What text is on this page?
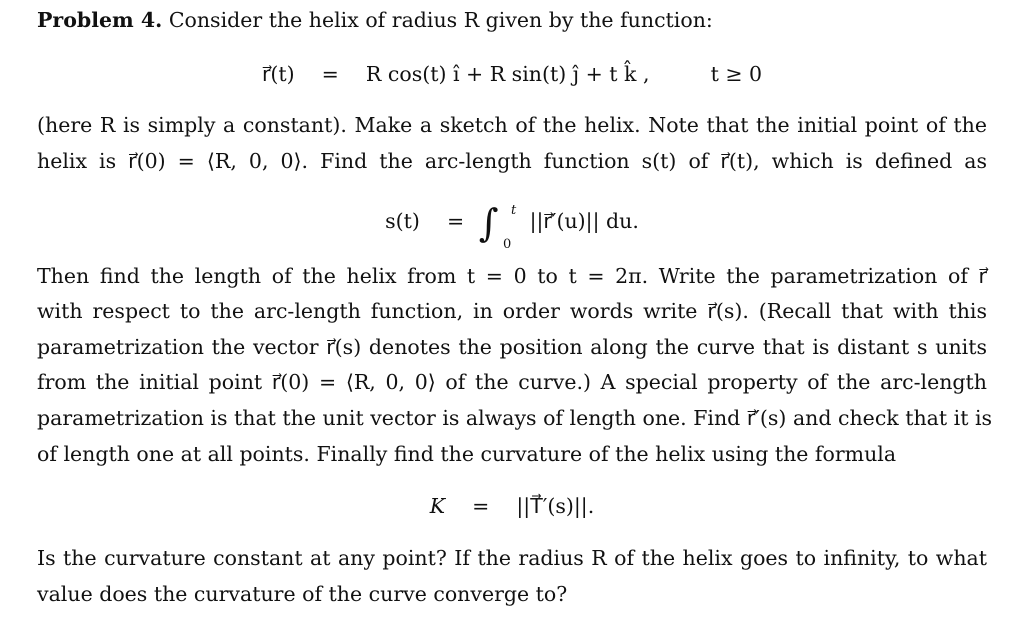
Problem 4. Consider the helix of radius R given by the function:
r⃗(t) = R cos(t) î + R sin(t) ĵ + t k̂ ,	t ≥ 0
(here R is simply a constant). Make a sketch of the helix. Note that the initial point of the
helix is r⃗(0) = ⟨R, 0, 0⟩. Find the arc-length function s(t) of r⃗(t), which is defined as
s(t) = ∫ t
0
||r⃗′(u)|| du.
Then find the length of the helix from t = 0 to t = 2π. Write the parametrization of r⃗
with respect to the arc-length function, in order words write r⃗(s). (Recall that with this
parametrization the vector r⃗(s) denotes the position along the curve that is distant s units
from the initial point r⃗(0) = ⟨R, 0, 0⟩ of the curve.) A special property of the arc-length
parametrization is that the unit vector is always of length one. Find r⃗′(s) and check that it is
of length one at all points. Finally find the curvature of the helix using the formula
K = ||T⃗′(s)||.
Is the curvature constant at any point? If the radius R of the helix goes to infinity, to what
value does the curvature of the curve converge to?
